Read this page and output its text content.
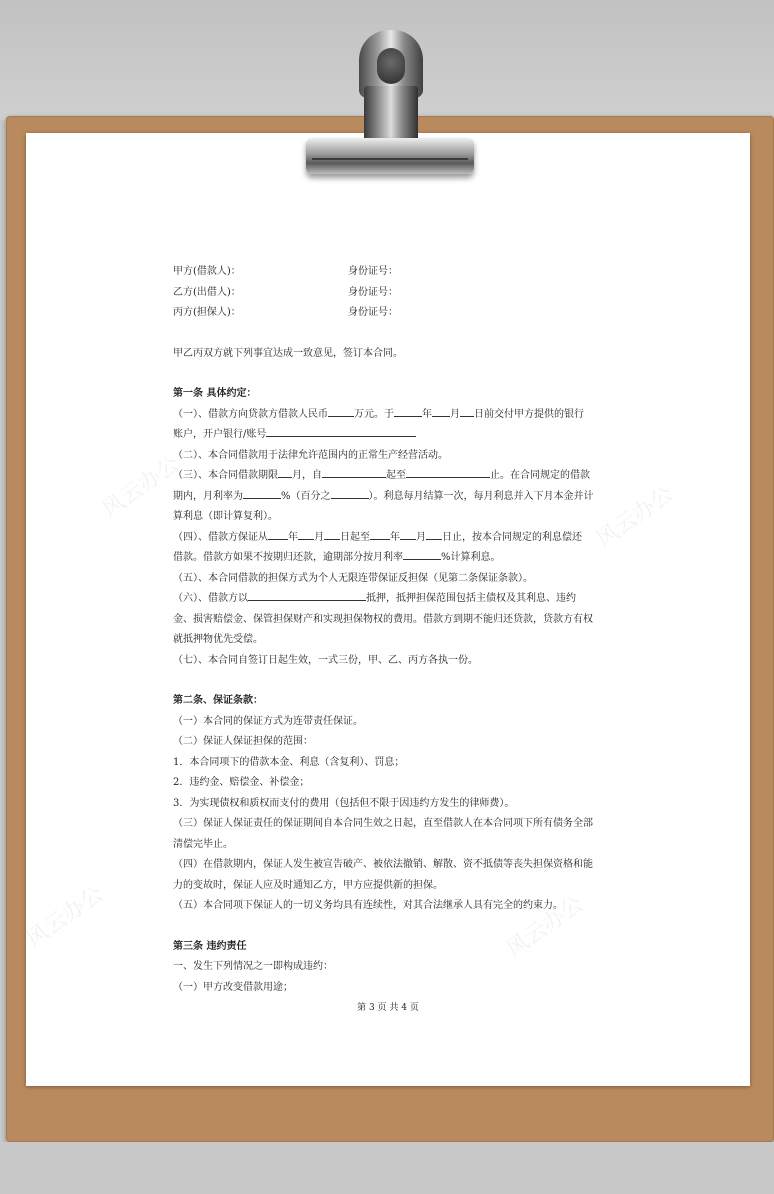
风云办公	风云办公
风云办公	风云办公
甲方(借款人)：	身份证号：
乙方(出借人)：	身份证号：
丙方(担保人)：	身份证号：
甲乙丙双方就下列事宜达成一致意见，签订本合同。
第一条 具体约定：
（一）、借款方向贷款方借款人民币	万元。于	年 月 日前交付甲方提供的银行
账户，开户银行/账号
（二）、本合同借款用于法律允许范围内的正常生产经营活动。
（三）、本合同借款期限 月，自	起至	止。在合同规定的借款
期内，月利率为	%（百分之	）。利息每月结算一次，每月利息并入下月本金并计
算利息（即计算复利）。
（四）、借款方保证从 年 月 日起至 年 月 日止，按本合同规定的利息偿还
借款。借款方如果不按期归还款，逾期部分按月利率	%计算利息。
（五）、本合同借款的担保方式为个人无限连带保证反担保（见第二条保证条款）。
（六）、借款方以	抵押，抵押担保范围包括主债权及其利息、违约
金、损害赔偿金、保管担保财产和实现担保物权的费用。借款方到期不能归还贷款，贷款方有权
就抵押物优先受偿。
（七）、本合同自签订日起生效，一式三份，甲、乙、丙方各执一份。
第二条、保证条款：
（一）本合同的保证方式为连带责任保证。
（二）保证人保证担保的范围：
1．本合同项下的借款本金、利息（含复利）、罚息；
2．违约金、赔偿金、补偿金；
3．为实现债权和质权而支付的费用（包括但不限于因违约方发生的律师费）。
（三）保证人保证责任的保证期间自本合同生效之日起，直至借款人在本合同项下所有债务全部
清偿完毕止。
（四）在借款期内，保证人发生被宣告破产、被依法撤销、解散、资不抵债等丧失担保资格和能
力的变故时，保证人应及时通知乙方，甲方应提供新的担保。
（五）本合同项下保证人的一切义务均具有连续性，对其合法继承人具有完全的约束力。
第三条 违约责任
一、发生下列情况之一即构成违约：
（一）甲方改变借款用途；
第 3 页 共 4 页
